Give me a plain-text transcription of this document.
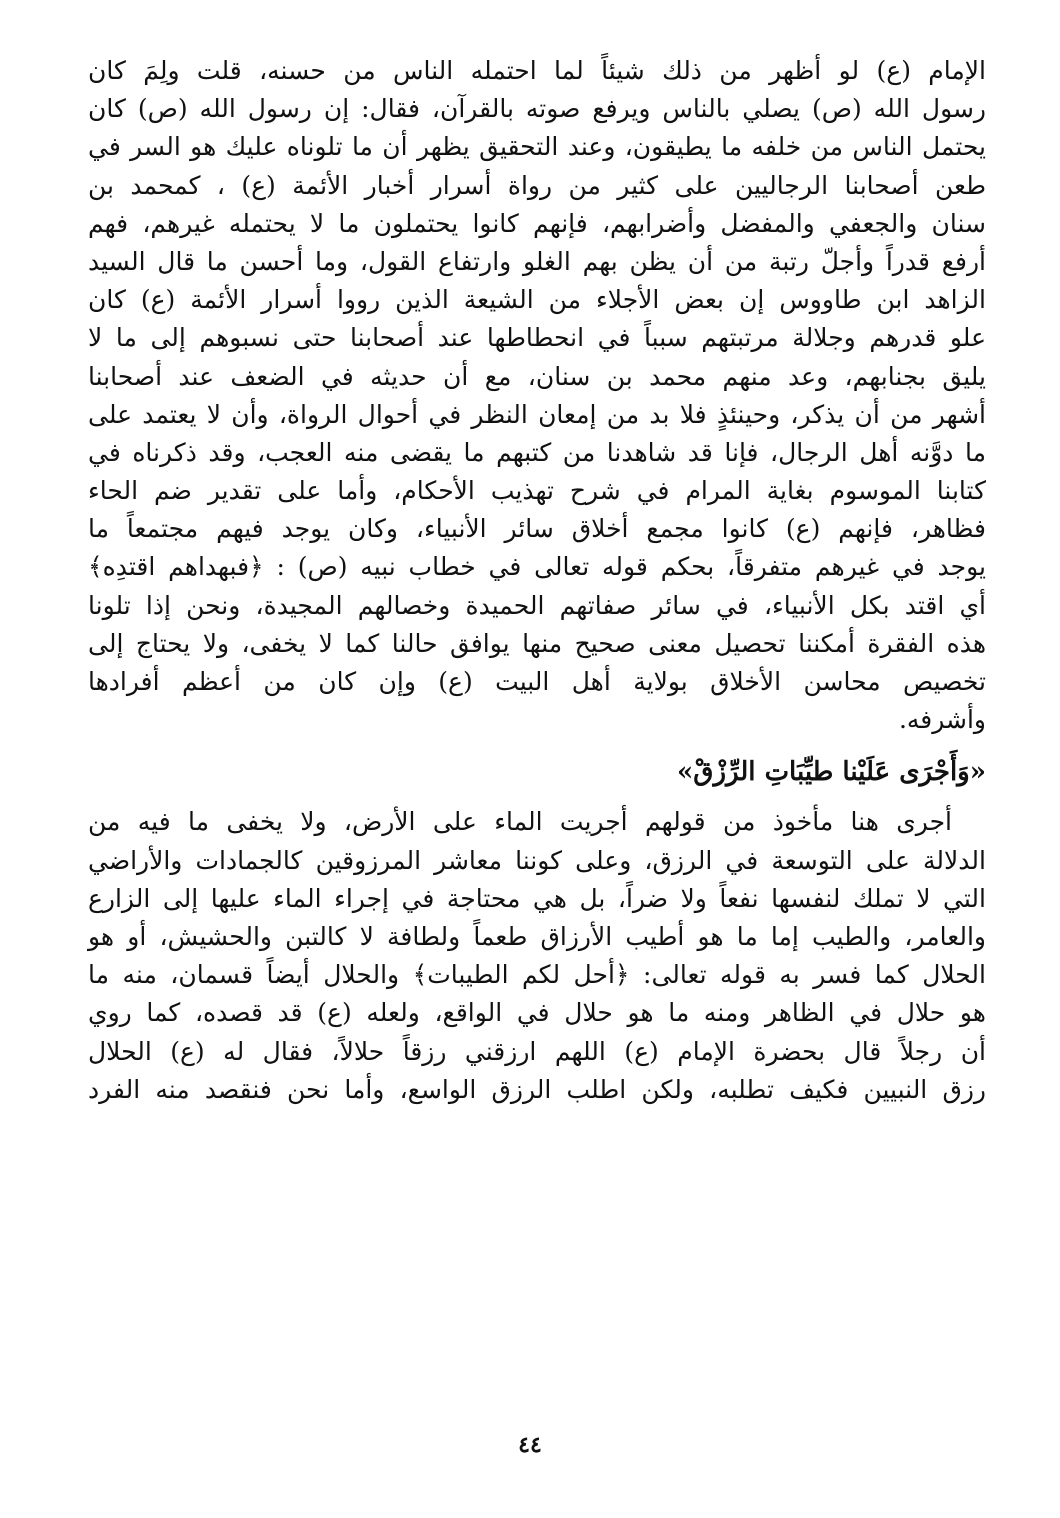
الإمام (ع) لو أظهر من ذلك شيئاً لما احتمله الناس من حسنه، قلت ولِمَ كان
رسول الله (ص) يصلي بالناس ويرفع صوته بالقرآن، فقال: إن رسول الله (ص) كان
يحتمل الناس من خلفه ما يطيقون، وعند التحقيق يظهر أن ما تلوناه عليك هو السر في
طعن أصحابنا الرجاليين على كثير من رواة أسرار أخبار الأئمة (ع) ، كمحمد بن
سنان والجعفي والمفضل وأضرابهم، فإنهم كانوا يحتملون ما لا يحتمله غيرهم، فهم
أرفع قدراً وأجلّ رتبة من أن يظن بهم الغلو وارتفاع القول، وما أحسن ما قال السيد
الزاهد ابن طاووس إن بعض الأجلاء من الشيعة الذين رووا أسرار الأئمة (ع) كان
علو قدرهم وجلالة مرتبتهم سبباً في انحطاطها عند أصحابنا حتى نسبوهم إلى ما لا
يليق بجنابهم، وعد منهم محمد بن سنان، مع أن حديثه في الضعف عند أصحابنا
أشهر من أن يذكر، وحينئذٍ فلا بد من إمعان النظر في أحوال الرواة، وأن لا يعتمد على
ما دوَّنه أهل الرجال، فإنا قد شاهدنا من كتبهم ما يقضى منه العجب، وقد ذكرناه في
كتابنا الموسوم بغاية المرام في شرح تهذيب الأحكام، وأما على تقدير ضم الحاء
فظاهر، فإنهم (ع) كانوا مجمع أخلاق سائر الأنبياء، وكان يوجد فيهم مجتمعاً ما
يوجد في غيرهم متفرقاً، بحكم قوله تعالى في خطاب نبيه (ص) : ﴿فبهداهم اقتدِه﴾
أي اقتد بكل الأنبياء، في سائر صفاتهم الحميدة وخصالهم المجيدة، ونحن إذا تلونا
هذه الفقرة أمكننا تحصيل معنى صحيح منها يوافق حالنا كما لا يخفى، ولا يحتاج إلى
تخصيص محاسن الأخلاق بولاية أهل البيت (ع) وإن كان من أعظم أفرادها
وأشرفه.
«وَأَجْرَى عَلَيْنا طيِّبَاتِ الرِّزْقْ»
أجرى هنا مأخوذ من قولهم أجريت الماء على الأرض، ولا يخفى ما فيه من
الدلالة على التوسعة في الرزق، وعلى كوننا معاشر المرزوقين كالجمادات والأراضي
التي لا تملك لنفسها نفعاً ولا ضراً، بل هي محتاجة في إجراء الماء عليها إلى الزارع
والعامر، والطيب إما ما هو أطيب الأرزاق طعماً ولطافة لا كالتبن والحشيش، أو هو
الحلال كما فسر به قوله تعالى: ﴿أحل لكم الطيبات﴾ والحلال أيضاً قسمان، منه ما
هو حلال في الظاهر ومنه ما هو حلال في الواقع، ولعله (ع) قد قصده، كما روي
أن رجلاً قال بحضرة الإمام (ع) اللهم ارزقني رزقاً حلالاً، فقال له (ع) الحلال
رزق النبيين فكيف تطلبه، ولكن اطلب الرزق الواسع، وأما نحن فنقصد منه الفرد
٤٤
